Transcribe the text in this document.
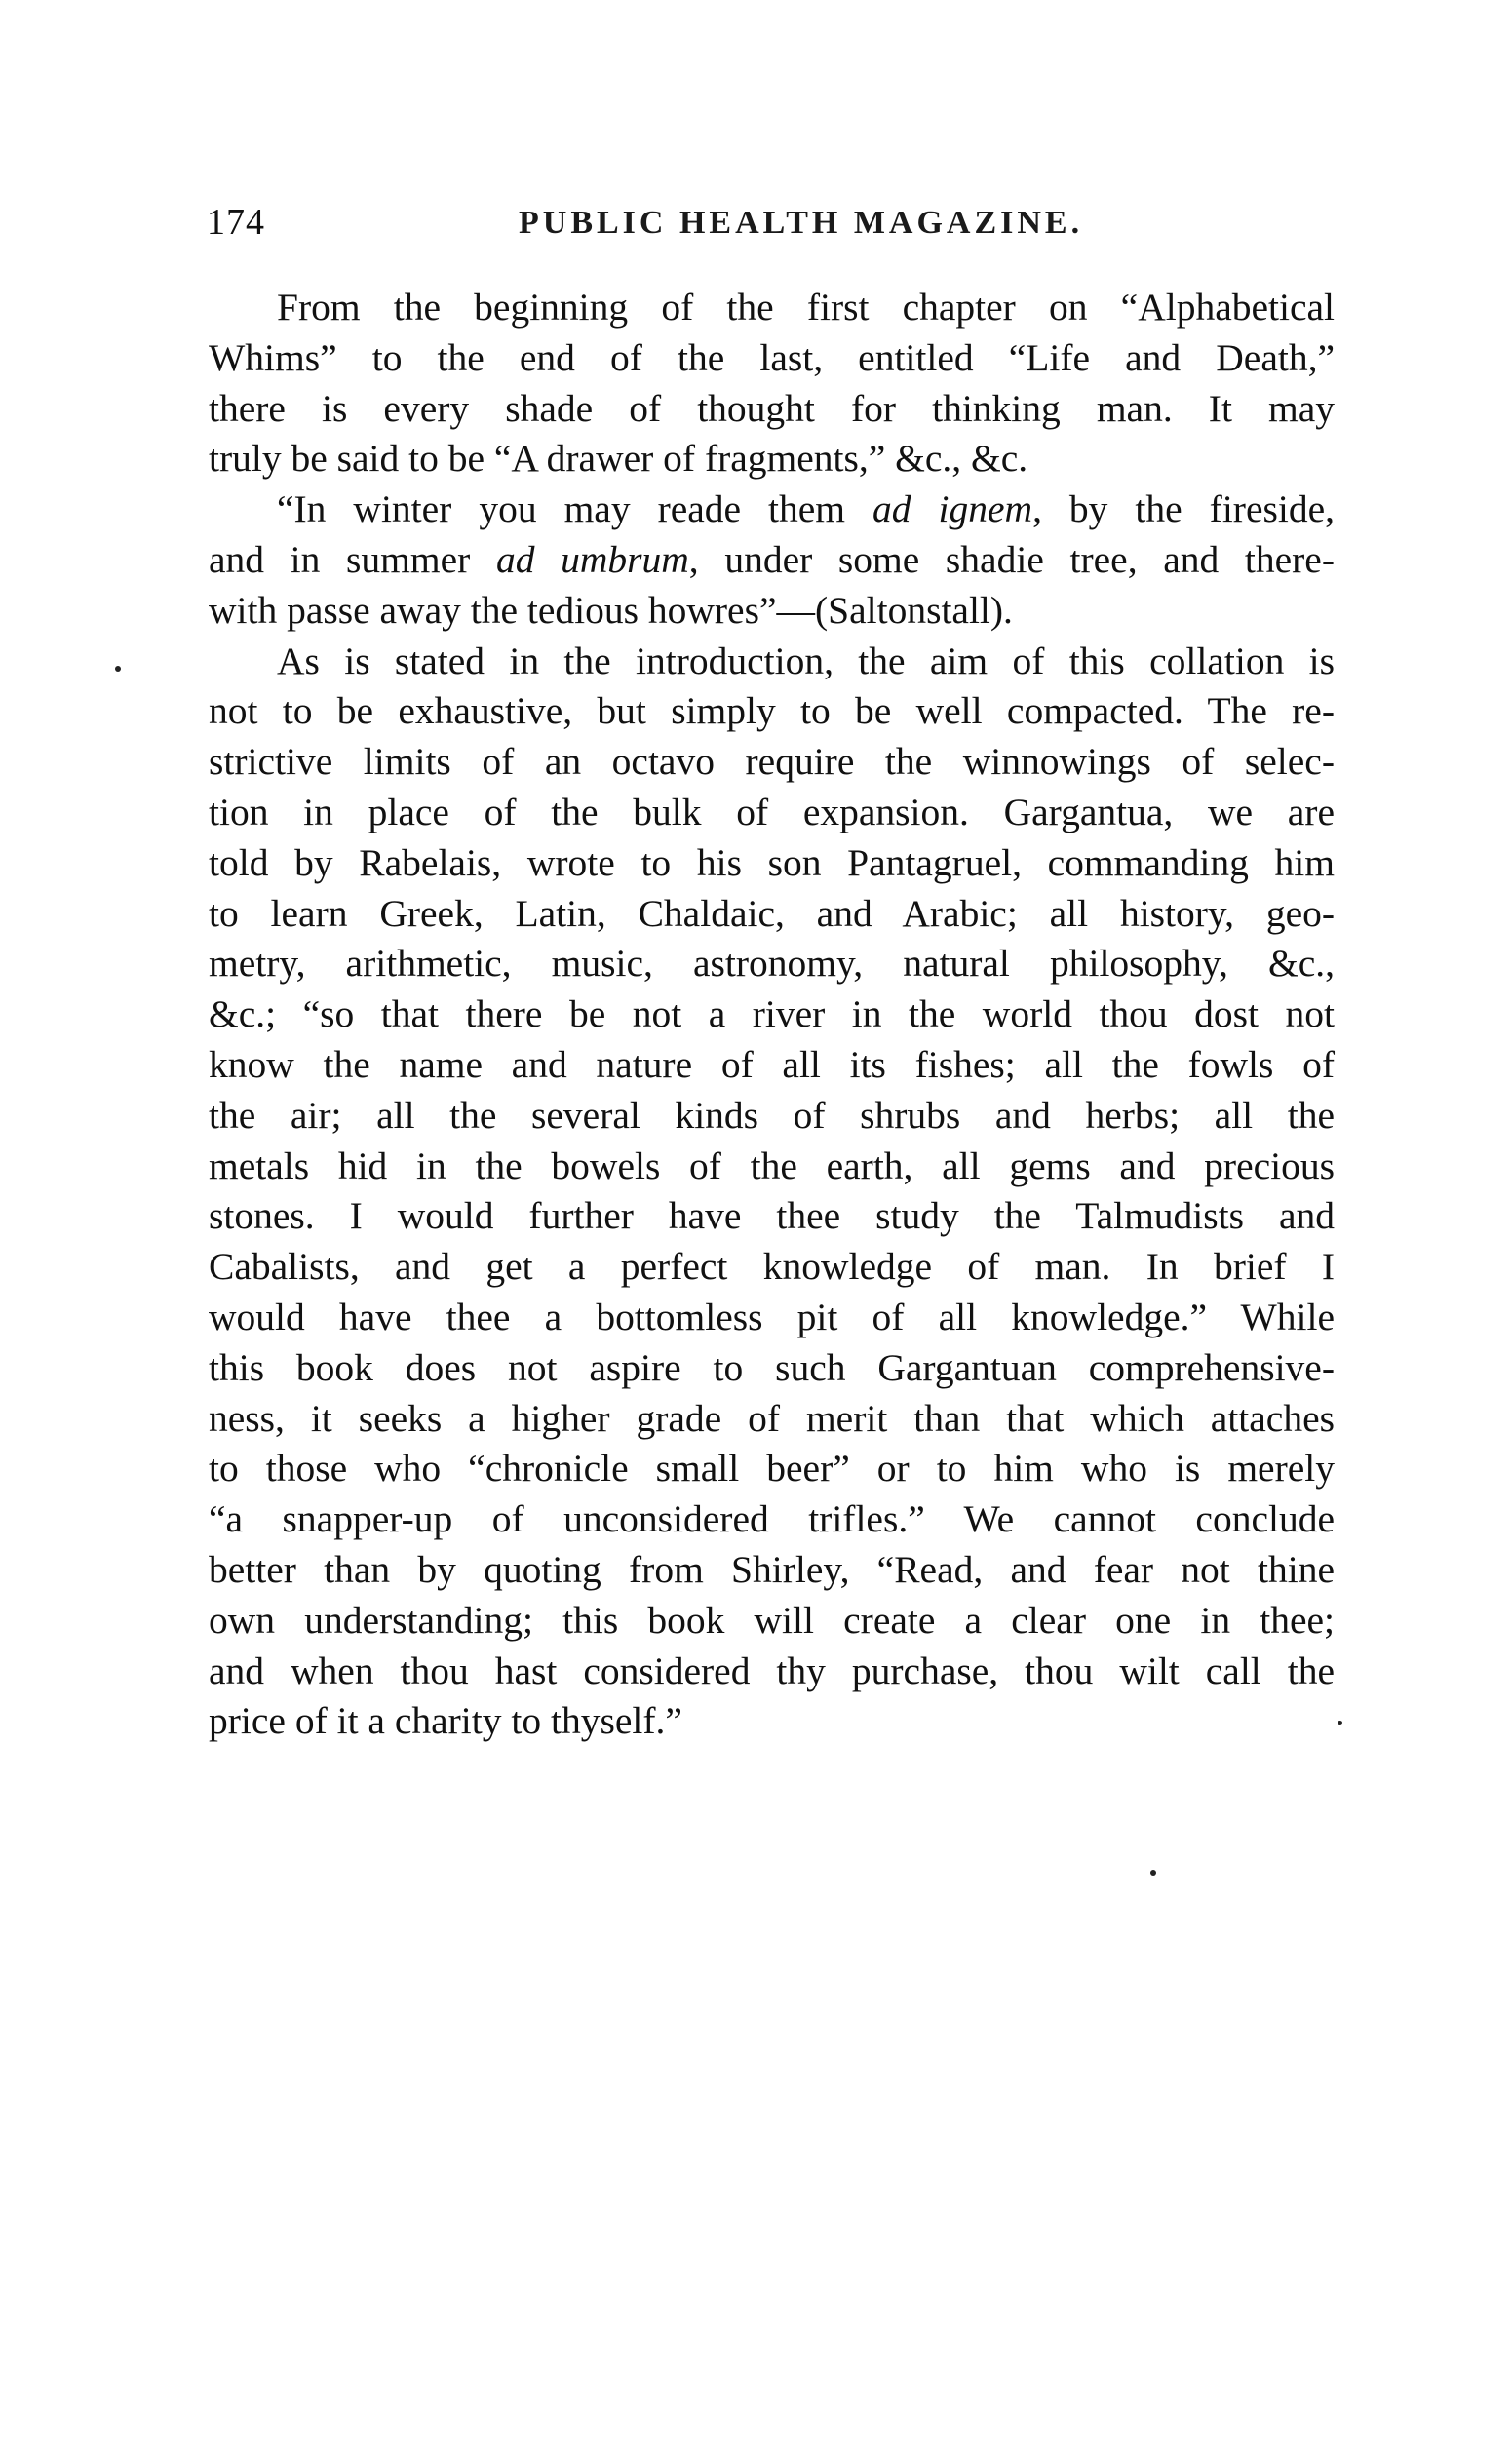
174	PUBLIC HEALTH MAGAZINE.
From the beginning of the first chapter on “Alphabetical
Whims” to the end of the last, entitled “Life and Death,”
there is every shade of thought for thinking man. It may
truly be said to be “A drawer of fragments,” &c., &c.
“In winter you may reade them ad ignem, by the fireside,
and in summer ad umbrum, under some shadie tree, and there-
with passe away the tedious howres”—(Saltonstall).
As is stated in the introduction, the aim of this collation is
not to be exhaustive, but simply to be well compacted. The re-
strictive limits of an octavo require the winnowings of selec-
tion in place of the bulk of expansion. Gargantua, we are
told by Rabelais, wrote to his son Pantagruel, commanding him
to learn Greek, Latin, Chaldaic, and Arabic; all history, geo-
metry, arithmetic, music, astronomy, natural philosophy, &c.,
&c.; “so that there be not a river in the world thou dost not
know the name and nature of all its fishes; all the fowls of
the air; all the several kinds of shrubs and herbs; all the
metals hid in the bowels of the earth, all gems and precious
stones. I would further have thee study the Talmudists and
Cabalists, and get a perfect knowledge of man. In brief I
would have thee a bottomless pit of all knowledge.” While
this book does not aspire to such Gargantuan comprehensive-
ness, it seeks a higher grade of merit than that which attaches
to those who “chronicle small beer” or to him who is merely
“a snapper-up of unconsidered trifles.” We cannot conclude
better than by quoting from Shirley, “Read, and fear not thine
own understanding; this book will create a clear one in thee;
and when thou hast considered thy purchase, thou wilt call the
price of it a charity to thyself.”
